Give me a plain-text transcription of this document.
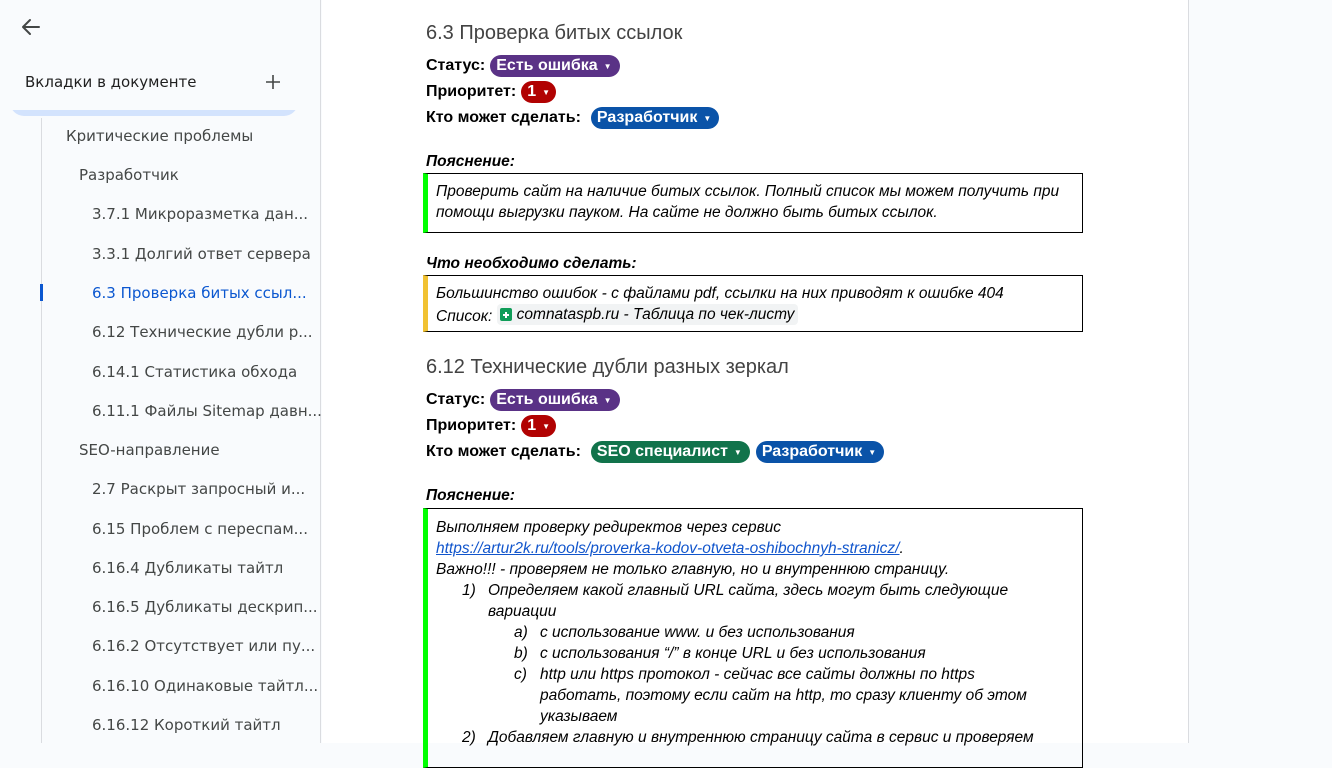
Вкладки в документе
Критические проблемы
Разработчик
3.7.1 Микроразметка дан...
3.3.1 Долгий ответ сервера
6.3 Проверка битых ссыл...
6.12 Технические дубли р...
6.14.1 Статистика обхода
6.11.1 Файлы Sitemap давн...
SEO-направление
2.7 Раскрыт запросный и...
6.15 Проблем с переспам...
6.16.4 Дубликаты тайтл
6.16.5 Дубликаты дескрип...
6.16.2 Отсутствует или пу...
6.16.10 Одинаковые тайтл...
6.16.12 Короткий тайтл
6.3 Проверка битых ссылок
Статус: Есть ошибка ▼
Приоритет: 1 ▼
Кто может сделать: Разработчик ▼
Пояснение:
Проверить сайт на наличие битых ссылок. Полный список мы можем получить при помощи выгрузки пауком. На сайте не должно быть битых ссылок.
Что необходимо сделать:
Большинство ошибок - с файлами pdf, ссылки на них приводят к ошибке 404
Список: comnataspb.ru - Таблица по чек-листу
6.12 Технические дубли разных зеркал
Статус: Есть ошибка ▼
Приоритет: 1 ▼
Кто может сделать: SEO специалист ▼ Разработчик ▼
Пояснение:
Выполняем проверку редиректов через сервис
https://artur2k.ru/tools/proverka-kodov-otveta-oshibochnyh-stranicz/.
Важно!!! - проверяем не только главную, но и внутреннюю страницу.
1) Определяем какой главный URL сайта, здесь могут быть следующие вариации
a) с использование www. и без использования
b) с использования “/” в конце URL и без использования
c) http или https протокол - сейчас все сайты должны по https работать, поэтому если сайт на http, то сразу клиенту об этом указываем
2) Добавляем главную и внутреннюю страницу сайта в сервис и проверяем
